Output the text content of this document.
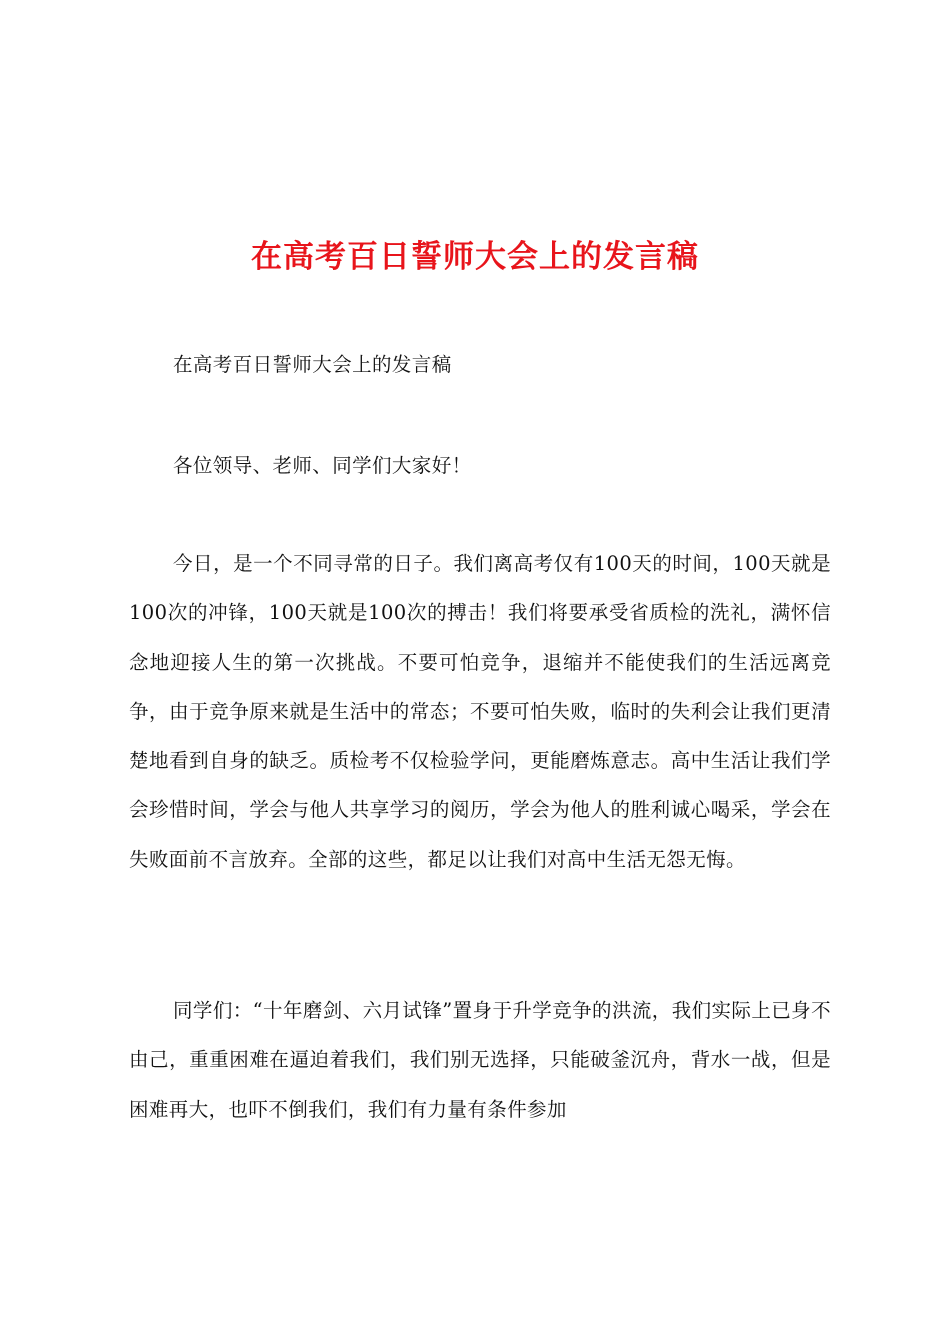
在高考百日誓师大会上的发言稿

在高考百日誓师大会上的发言稿

各位领导、老师、同学们大家好！

今日，是一个不同寻常的日子。我们离高考仅有100天的时间，100天就是100次的冲锋，100天就是100次的搏击！我们将要承受省质检的洗礼，满怀信念地迎接人生的第一次挑战。不要可怕竞争，退缩并不能使我们的生活远离竞争，由于竞争原来就是生活中的常态；不要可怕失败，临时的失利会让我们更清楚地看到自身的缺乏。质检考不仅检验学问，更能磨炼意志。高中生活让我们学会珍惜时间，学会与他人共享学习的阅历，学会为他人的胜利诚心喝采，学会在失败面前不言放弃。全部的这些，都足以让我们对高中生活无怨无悔。

同学们：“十年磨剑、六月试锋”置身于升学竞争的洪流，我们实际上已身不由己，重重困难在逼迫着我们，我们别无选择，只能破釜沉舟，背水一战，但是困难再大，也吓不倒我们，我们有力量有条件参加
